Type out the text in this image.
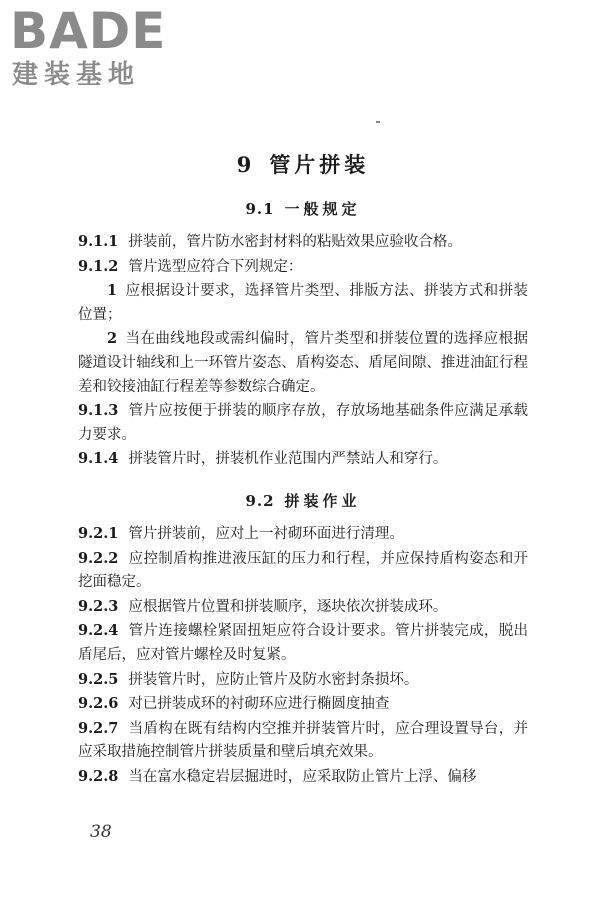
BADE
建装基地
9 管片拼装
9.1 一般规定

9.1.1 拼装前，管片防水密封材料的粘贴效果应验收合格。

9.1.2 管片选型应符合下列规定：

1 应根据设计要求，选择管片类型、排版方法、拼装方式和拼装位置；

2 当在曲线地段或需纠偏时，管片类型和拼装位置的选择应根据隧道设计轴线和上一环管片姿态、盾构姿态、盾尾间隙、推进油缸行程差和铰接油缸行程差等参数综合确定。

9.1.3 管片应按便于拼装的顺序存放，存放场地基础条件应满足承载力要求。

9.1.4 拼装管片时，拼装机作业范围内严禁站人和穿行。

9.2 拼装作业

9.2.1 管片拼装前，应对上一衬砌环面进行清理。

9.2.2 应控制盾构推进液压缸的压力和行程，并应保持盾构姿态和开挖面稳定。

9.2.3 应根据管片位置和拼装顺序，逐块依次拼装成环。

9.2.4 管片连接螺栓紧固扭矩应符合设计要求。管片拼装完成，脱出盾尾后，应对管片螺栓及时复紧。

9.2.5 拼装管片时，应防止管片及防水密封条损坏。

9.2.6 对已拼装成环的衬砌环应进行椭圆度抽查

9.2.7 当盾构在既有结构内空推并拼装管片时，应合理设置导台，并应采取措施控制管片拼装质量和壁后填充效果。

9.2.8 当在富水稳定岩层掘进时，应采取防止管片上浮、偏移

38
